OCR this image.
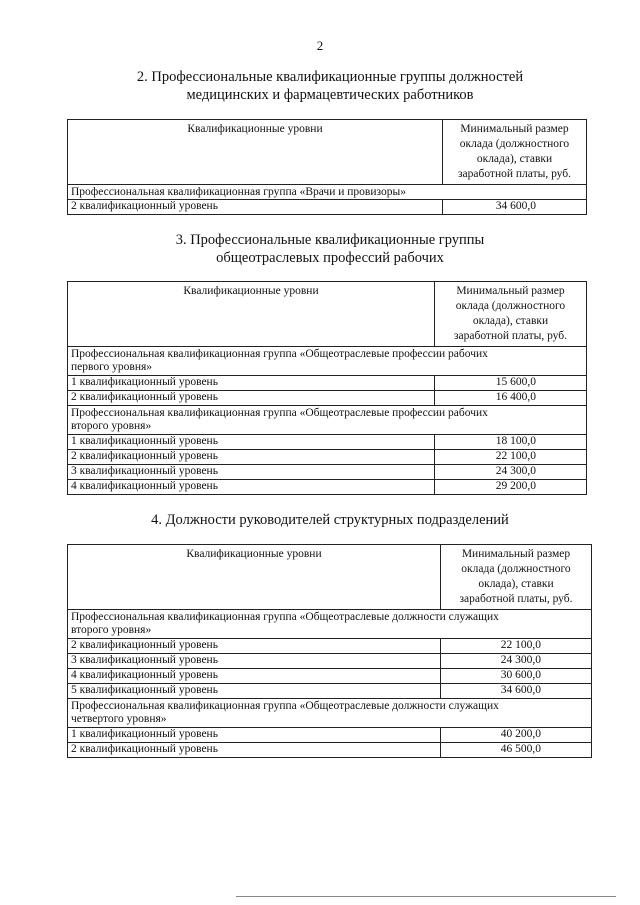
2
2. Профессиональные квалификационные группы должностей
медицинских и фармацевтических работников
Квалификационные уровни	Минимальный размер
оклада (должностного
оклада), ставки
заработной платы, руб.

Профессиональная квалификационная группа «Врачи и провизоры»	
2 квалификационный уровень	34 600,0
3. Профессиональные квалификационные группы
общеотраслевых профессий рабочих
Квалификационные уровни	Минимальный размер
оклада (должностного
оклада), ставки
заработной платы, руб.

Профессиональная квалификационная группа «Общеотраслевые профессии рабочих
первого уровня»	

1 квалификационный уровень	15 600,0
2 квалификационный уровень	16 400,0

Профессиональная квалификационная группа «Общеотраслевые профессии рабочих
второго уровня»	

1 квалификационный уровень	18 100,0
2 квалификационный уровень	22 100,0
3 квалификационный уровень	24 300,0
4 квалификационный уровень	29 200,0
4. Должности руководителей структурных подразделений
Квалификационные уровни	Минимальный размер
оклада (должностного
оклада), ставки
заработной платы, руб.

Профессиональная квалификационная группа «Общеотраслевые должности служащих
второго уровня»	

2 квалификационный уровень	22 100,0
3 квалификационный уровень	24 300,0
4 квалификационный уровень	30 600,0
5 квалификационный уровень	34 600,0

Профессиональная квалификационная группа «Общеотраслевые должности служащих
четвертого уровня»	

1 квалификационный уровень	40 200,0
2 квалификационный уровень	46 500,0
